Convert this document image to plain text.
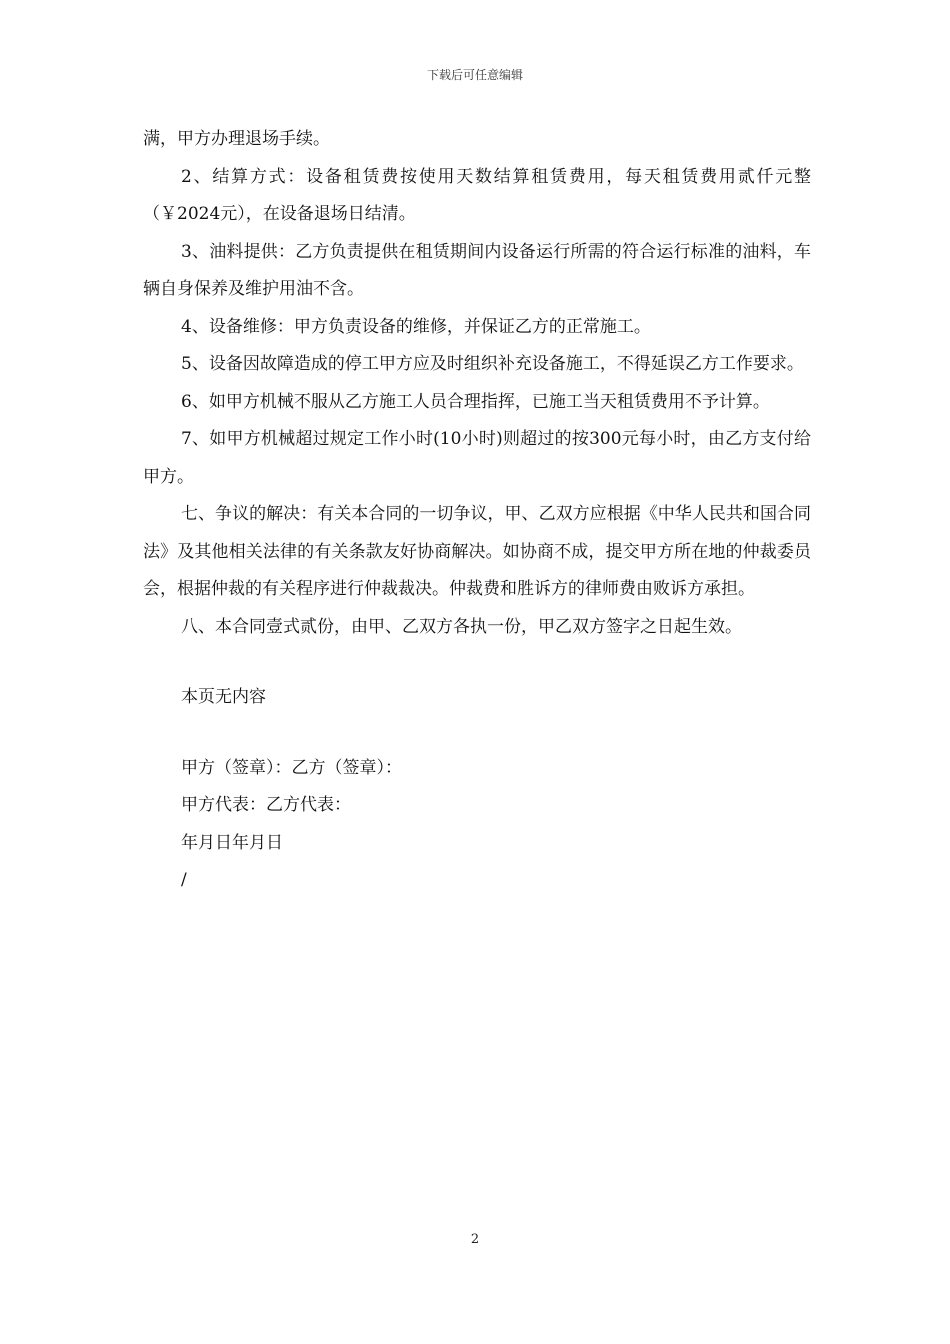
下载后可任意编辑

满，甲方办理退场手续。

2、结算方式：设备租赁费按使用天数结算租赁费用，每天租赁费用贰仟元整（￥2024元），在设备退场日结清。

3、油料提供：乙方负责提供在租赁期间内设备运行所需的符合运行标准的油料，车辆自身保养及维护用油不含。

4、设备维修：甲方负责设备的维修，并保证乙方的正常施工。

5、设备因故障造成的停工甲方应及时组织补充设备施工，不得延误乙方工作要求。

6、如甲方机械不服从乙方施工人员合理指挥，已施工当天租赁费用不予计算。

7、如甲方机械超过规定工作小时(10小时)则超过的按300元每小时，由乙方支付给甲方。

七、争议的解决：有关本合同的一切争议，甲、乙双方应根据《中华人民共和国合同法》及其他相关法律的有关条款友好协商解决。如协商不成，提交甲方所在地的仲裁委员会，根据仲裁的有关程序进行仲裁裁决。仲裁费和胜诉方的律师费由败诉方承担。

八、本合同壹式贰份，由甲、乙双方各执一份，甲乙双方签字之日起生效。

本页无内容

甲方（签章）：乙方（签章）：

甲方代表：乙方代表：

年月日年月日

/

2
